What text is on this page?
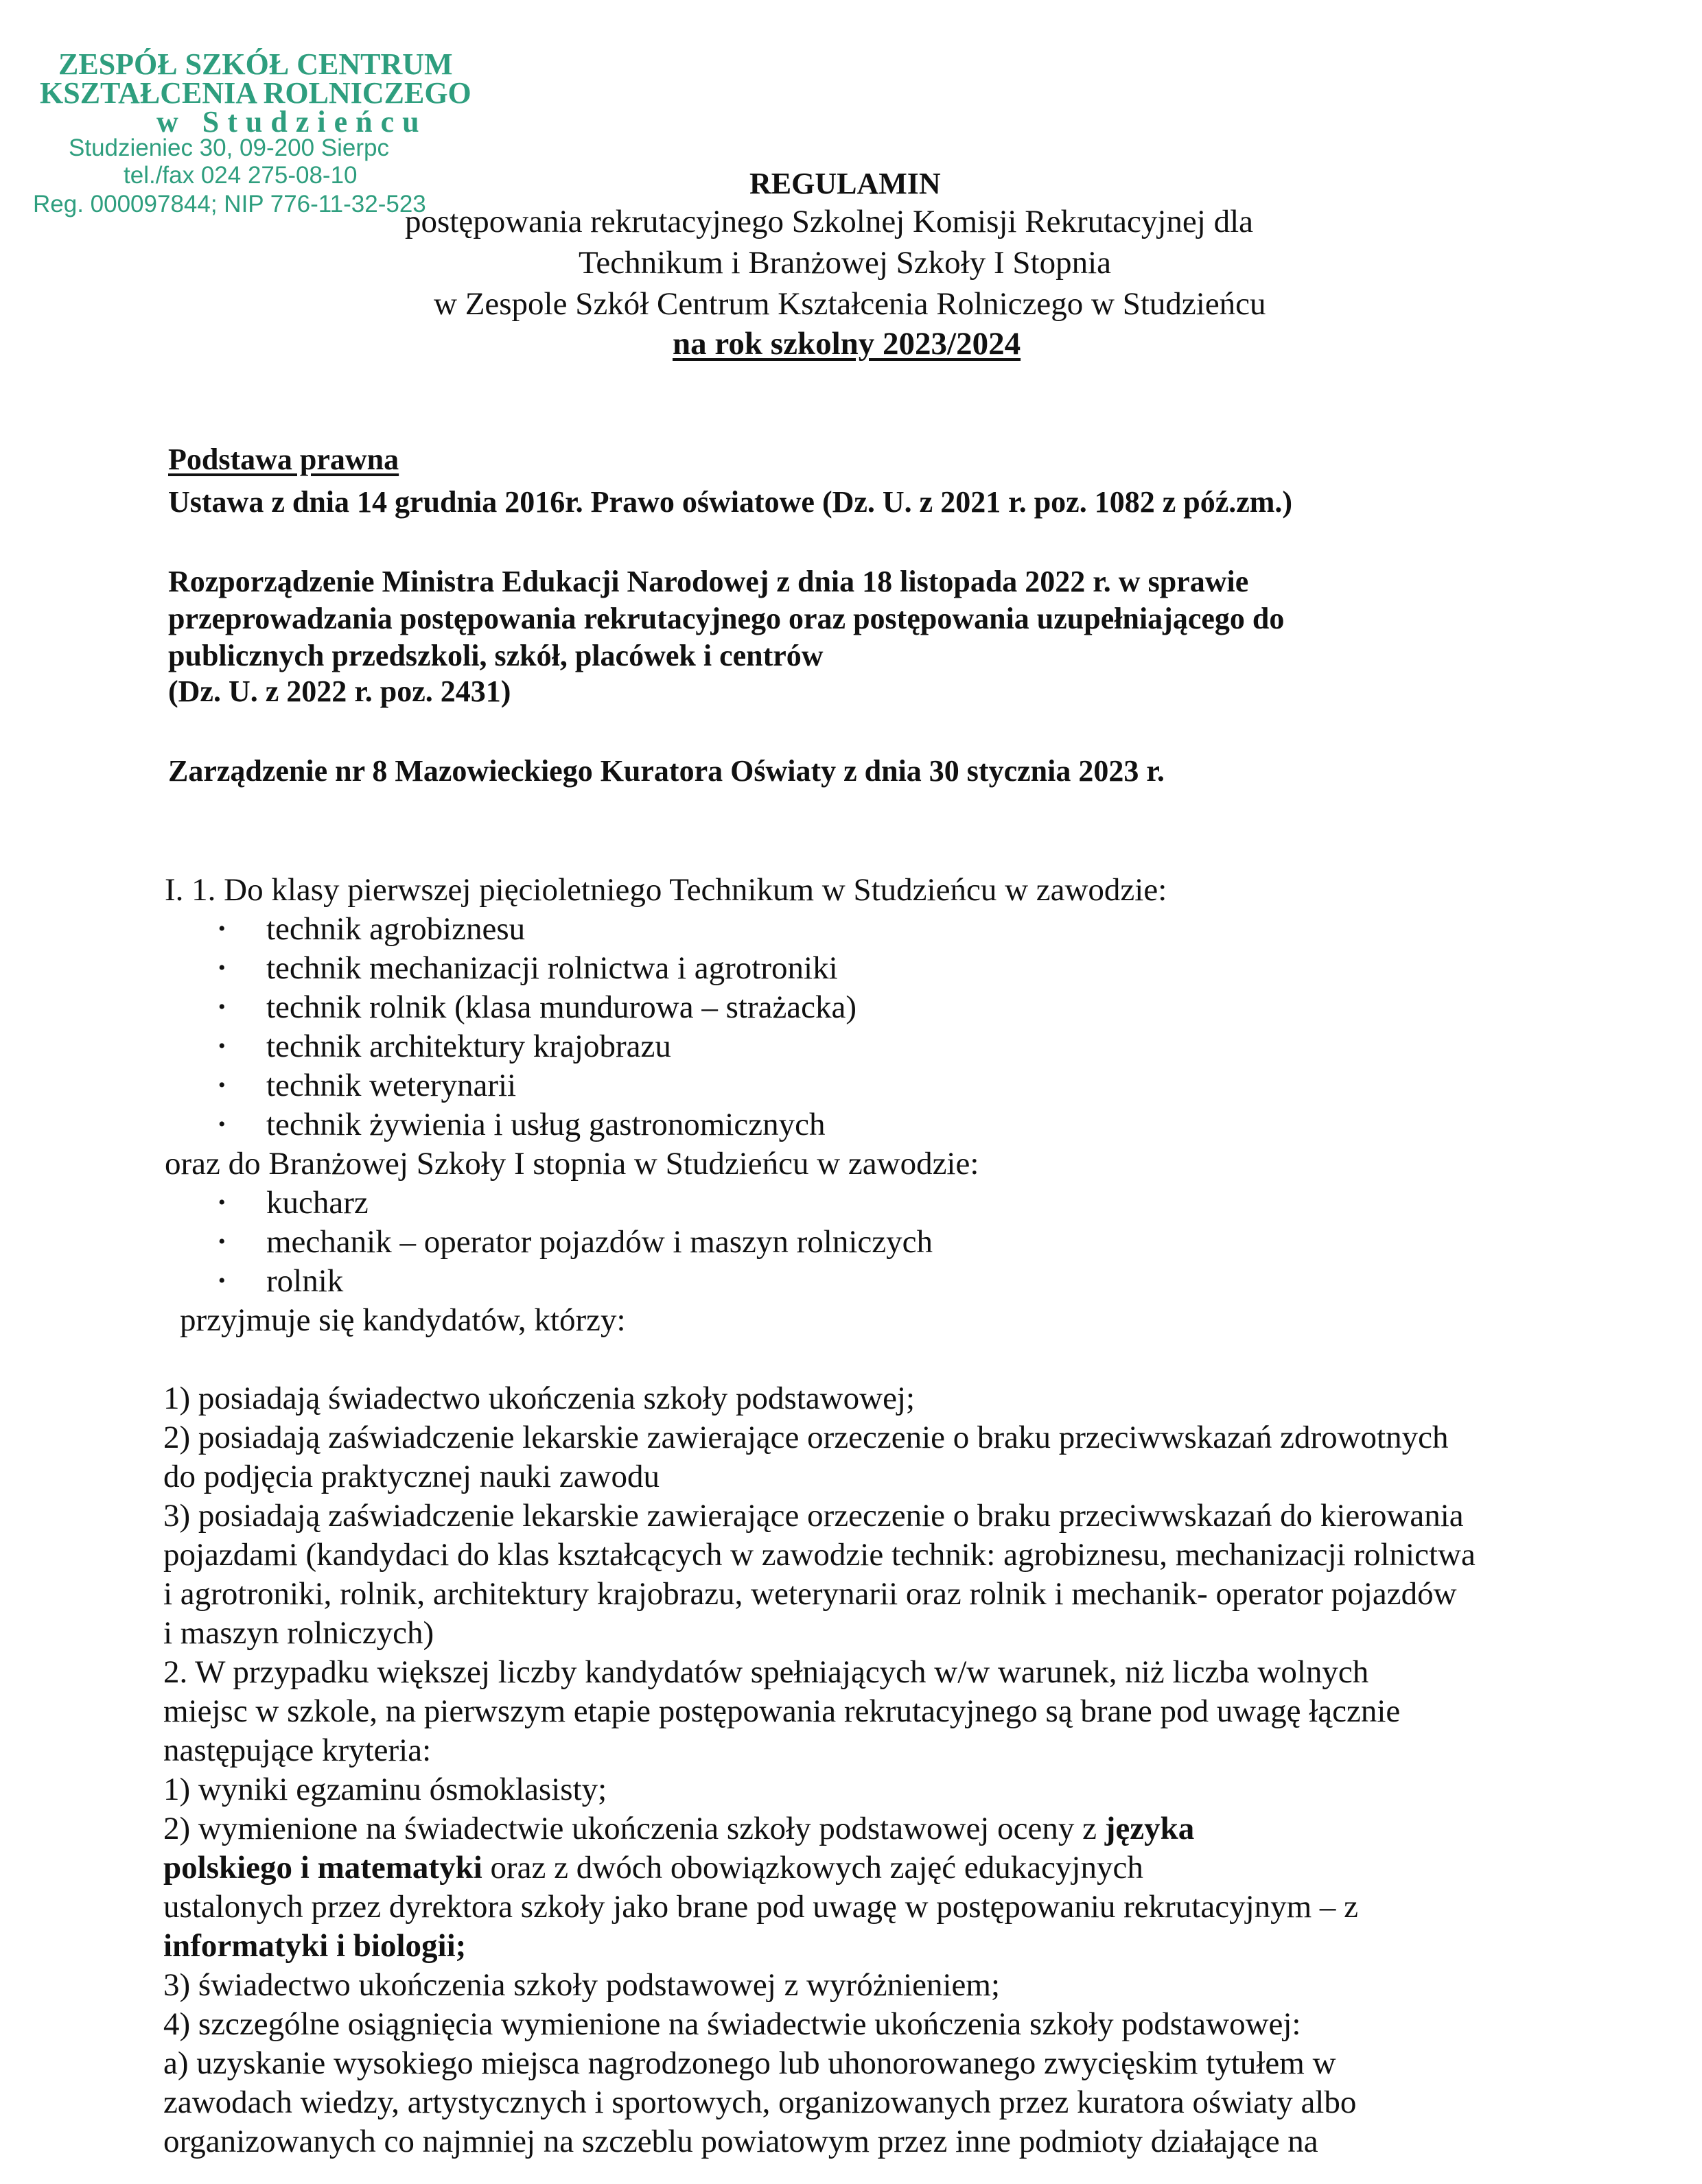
ZESPÓŁ SZKÓŁ CENTRUM
KSZTAŁCENIA ROLNICZEGO
w Studzieńcu
Studzieniec 30, 09-200 Sierpc
tel./fax 024 275-08-10
Reg. 000097844; NIP 776-11-32-523
REGULAMIN
postępowania rekrutacyjnego Szkolnej Komisji Rekrutacyjnej dla
Technikum i Branżowej Szkoły I Stopnia
w Zespole Szkół Centrum Kształcenia Rolniczego w Studzieńcu
na rok szkolny 2023/2024
Podstawa prawna
Ustawa z dnia 14 grudnia 2016r. Prawo oświatowe (Dz. U. z 2021 r. poz. 1082 z póź.zm.)
Rozporządzenie Ministra Edukacji Narodowej z dnia 18 listopada 2022 r. w sprawie
przeprowadzania postępowania rekrutacyjnego oraz postępowania uzupełniającego do
publicznych przedszkoli, szkół, placówek i centrów
(Dz. U. z 2022 r. poz. 2431)
Zarządzenie nr 8 Mazowieckiego Kuratora Oświaty z dnia 30 stycznia 2023 r.
I. 1. Do klasy pierwszej pięcioletniego Technikum w Studzieńcu w zawodzie:
• technik agrobiznesu
• technik mechanizacji rolnictwa i agrotroniki
• technik rolnik (klasa mundurowa – strażacka)
• technik architektury krajobrazu
• technik weterynarii
• technik żywienia i usług gastronomicznych
oraz do Branżowej Szkoły I stopnia w Studzieńcu w zawodzie:
• kucharz
• mechanik – operator pojazdów i maszyn rolniczych
• rolnik
przyjmuje się kandydatów, którzy:
1) posiadają świadectwo ukończenia szkoły podstawowej;
2) posiadają zaświadczenie lekarskie zawierające orzeczenie o braku przeciwwskazań zdrowotnych
do podjęcia praktycznej nauki zawodu
3) posiadają zaświadczenie lekarskie zawierające orzeczenie o braku przeciwwskazań do kierowania
pojazdami (kandydaci do klas kształcących w zawodzie technik: agrobiznesu, mechanizacji rolnictwa
i agrotroniki, rolnik, architektury krajobrazu, weterynarii oraz rolnik i mechanik- operator pojazdów
i maszyn rolniczych)
2. W przypadku większej liczby kandydatów spełniających w/w warunek, niż liczba wolnych
miejsc w szkole, na pierwszym etapie postępowania rekrutacyjnego są brane pod uwagę łącznie
następujące kryteria:
1) wyniki egzaminu ósmoklasisty;
2) wymienione na świadectwie ukończenia szkoły podstawowej oceny z języka
polskiego i matematyki oraz z dwóch obowiązkowych zajęć edukacyjnych
ustalonych przez dyrektora szkoły jako brane pod uwagę w postępowaniu rekrutacyjnym – z
informatyki i biologii;
3) świadectwo ukończenia szkoły podstawowej z wyróżnieniem;
4) szczególne osiągnięcia wymienione na świadectwie ukończenia szkoły podstawowej:
a) uzyskanie wysokiego miejsca nagrodzonego lub uhonorowanego zwycięskim tytułem w
zawodach wiedzy, artystycznych i sportowych, organizowanych przez kuratora oświaty albo
organizowanych co najmniej na szczeblu powiatowym przez inne podmioty działające na
